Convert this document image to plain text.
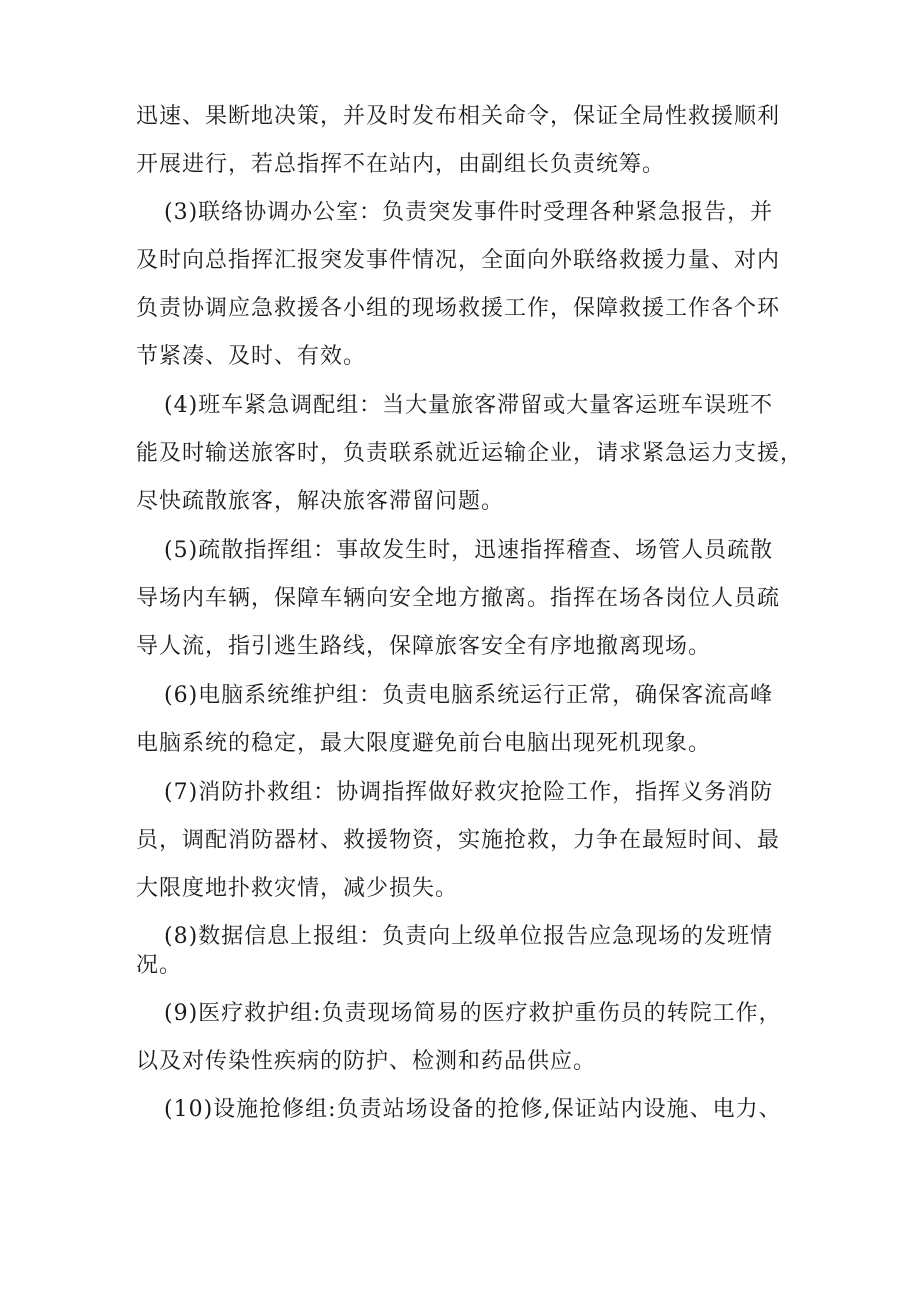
迅速、果断地决策，并及时发布相关命令，保证全局性救援顺利

开展进行，若总指挥不在站内，由副组长负责统筹。

(3)联络协调办公室：负责突发事件时受理各种紧急报告，并

及时向总指挥汇报突发事件情况，全面向外联络救援力量、对内

负责协调应急救援各小组的现场救援工作，保障救援工作各个环

节紧凑、及时、有效。

(4)班车紧急调配组：当大量旅客滞留或大量客运班车误班不

能及时输送旅客时，负责联系就近运输企业，请求紧急运力支援，

尽快疏散旅客，解决旅客滞留问题。

(5)疏散指挥组：事故发生时，迅速指挥稽查、场管人员疏散

导场内车辆，保障车辆向安全地方撤离。指挥在场各岗位人员疏

导人流，指引逃生路线，保障旅客安全有序地撤离现场。

(6)电脑系统维护组：负责电脑系统运行正常，确保客流高峰

电脑系统的稳定，最大限度避免前台电脑出现死机现象。

(7)消防扑救组：协调指挥做好救灾抢险工作，指挥义务消防

员，调配消防器材、救援物资，实施抢救，力争在最短时间、最

大限度地扑救灾情，减少损失。

(8)数据信息上报组：负责向上级单位报告应急现场的发班情

况。

(9)医疗救护组:负责现场简易的医疗救护重伤员的转院工作，

以及对传染性疾病的防护、检测和药品供应。

(10)设施抢修组:负责站场设备的抢修,保证站内设施、电力、
